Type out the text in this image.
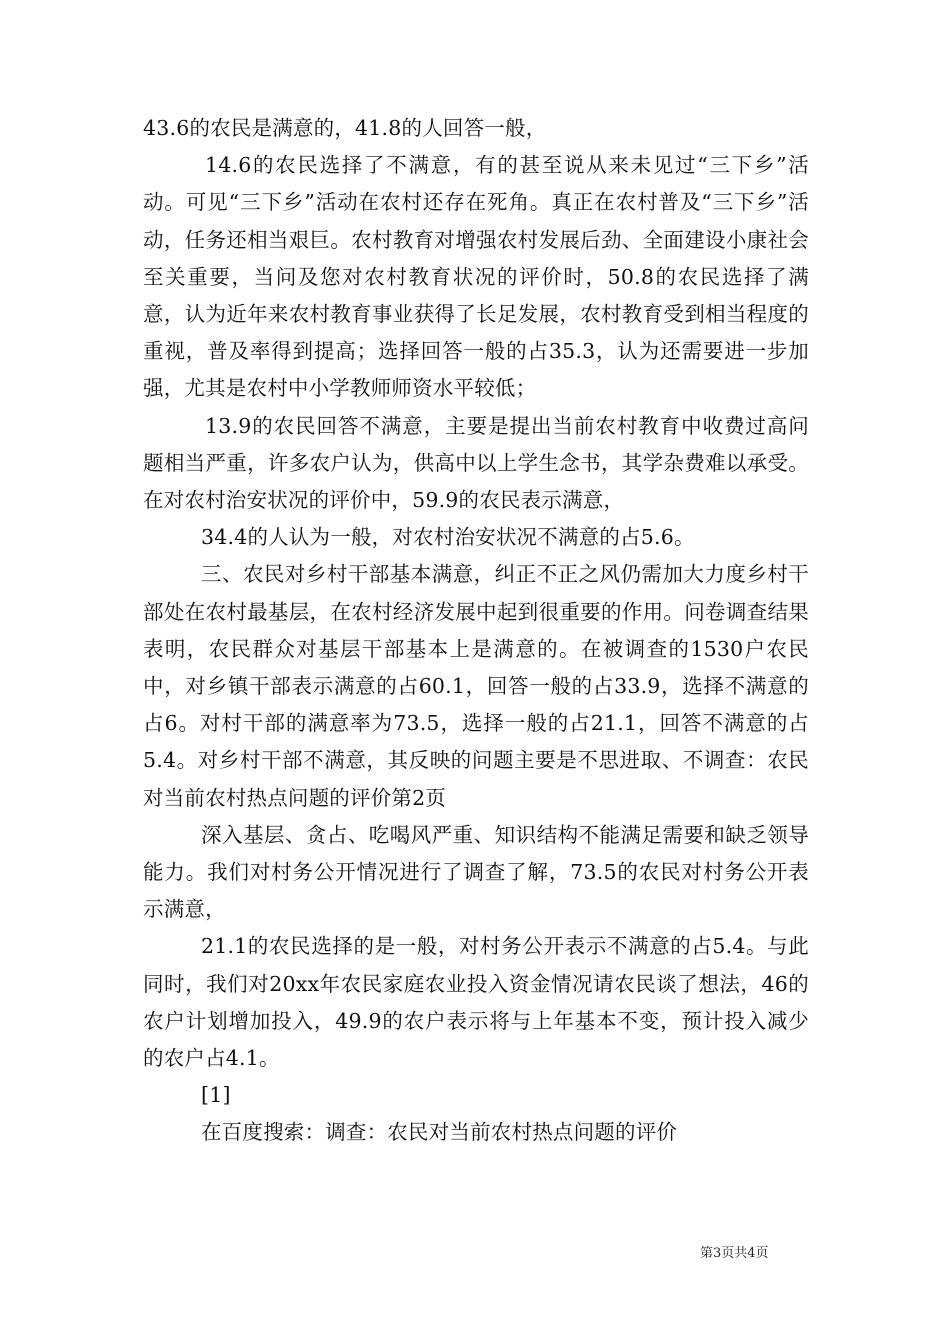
43.6的农民是满意的，41.8的人回答一般，

14.6的农民选择了不满意，有的甚至说从来未见过“三下乡”活动。可见“三下乡”活动在农村还存在死角。真正在农村普及“三下乡”活动，任务还相当艰巨。农村教育对增强农村发展后劲、全面建设小康社会至关重要，当问及您对农村教育状况的评价时，50.8的农民选择了满意，认为近年来农村教育事业获得了长足发展，农村教育受到相当程度的重视，普及率得到提高；选择回答一般的占35.3，认为还需要进一步加强，尤其是农村中小学教师师资水平较低；

13.9的农民回答不满意，主要是提出当前农村教育中收费过高问题相当严重，许多农户认为，供高中以上学生念书，其学杂费难以承受。在对农村治安状况的评价中，59.9的农民表示满意，

34.4的人认为一般，对农村治安状况不满意的占5.6。

三、农民对乡村干部基本满意，纠正不正之风仍需加大力度乡村干部处在农村最基层，在农村经济发展中起到很重要的作用。问卷调查结果表明，农民群众对基层干部基本上是满意的。在被调查的1530户农民中，对乡镇干部表示满意的占60.1，回答一般的占33.9，选择不满意的占6。对村干部的满意率为73.5，选择一般的占21.1，回答不满意的占5.4。对乡村干部不满意，其反映的问题主要是不思进取、不调查：农民对当前农村热点问题的评价第2页

深入基层、贪占、吃喝风严重、知识结构不能满足需要和缺乏领导能力。我们对村务公开情况进行了调查了解，73.5的农民对村务公开表示满意，

21.1的农民选择的是一般，对村务公开表示不满意的占5.4。与此同时，我们对20xx年农民家庭农业投入资金情况请农民谈了想法，46的农户计划增加投入，49.9的农户表示将与上年基本不变，预计投入减少的农户占4.1。

[1]

在百度搜索：调查：农民对当前农村热点问题的评价

第3页共4页
